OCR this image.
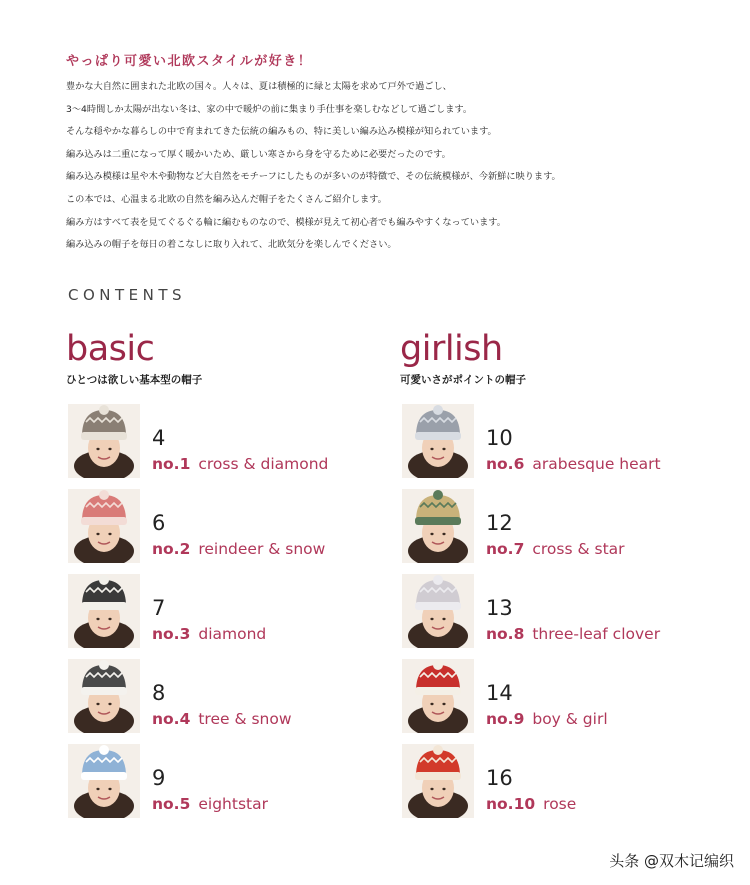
やっぱり可愛い北欧スタイルが好き！
豊かな大自然に囲まれた北欧の国々。人々は、夏は積極的に緑と太陽を求めて戸外で過ごし、
3〜4時間しか太陽が出ない冬は、家の中で暖炉の前に集まり手仕事を楽しむなどして過ごします。
そんな穏やかな暮らしの中で育まれてきた伝統の編みもの、特に美しい編み込み模様が知られています。
編み込みは二重になって厚く暖かいため、厳しい寒さから身を守るために必要だったのです。
編み込み模様は星や木や動物など大自然をモチーフにしたものが多いのが特徴で、その伝統模様が、今新鮮に映ります。
この本では、心温まる北欧の自然を編み込んだ帽子をたくさんご紹介します。
編み方はすべて表を見てぐるぐる輪に編むものなので、模様が見えて初心者でも編みやすくなっています。
編み込みの帽子を毎日の着こなしに取り入れて、北欧気分を楽しんでください。
CONTENTS
basic
ひとつは欲しい基本型の帽子
girlish
可愛いさがポイントの帽子
4
no.1 cross & diamond
6
no.2 reindeer & snow
7
no.3 diamond
8
no.4 tree & snow
9
no.5 eightstar
10
no.6 arabesque heart
12
no.7 cross & star
13
no.8 three-leaf clover
14
no.9 boy & girl
16
no.10 rose
头条 @双木记编织
